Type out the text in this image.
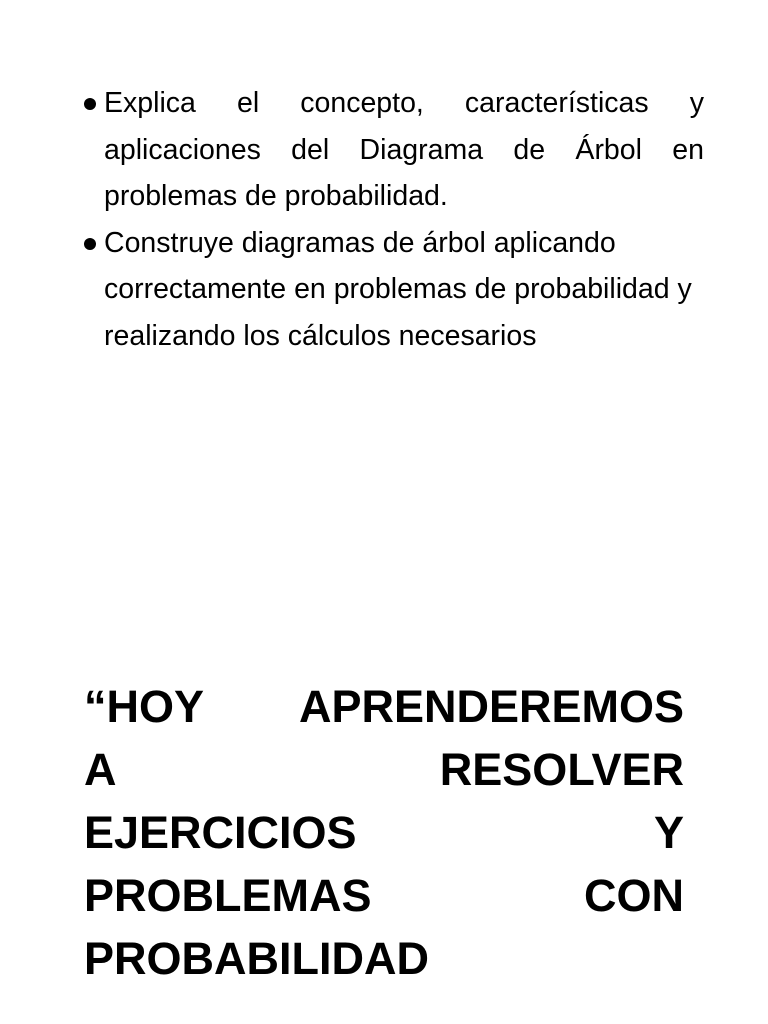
Explica el concepto, características y aplicaciones del Diagrama de Árbol en problemas de probabilidad.
Construye diagramas de árbol aplicando correctamente en problemas de probabilidad y realizando los cálculos necesarios
“HOY APRENDEREMOS
A RESOLVER
EJERCICIOS Y
PROBLEMAS CON
PROBABILIDAD
